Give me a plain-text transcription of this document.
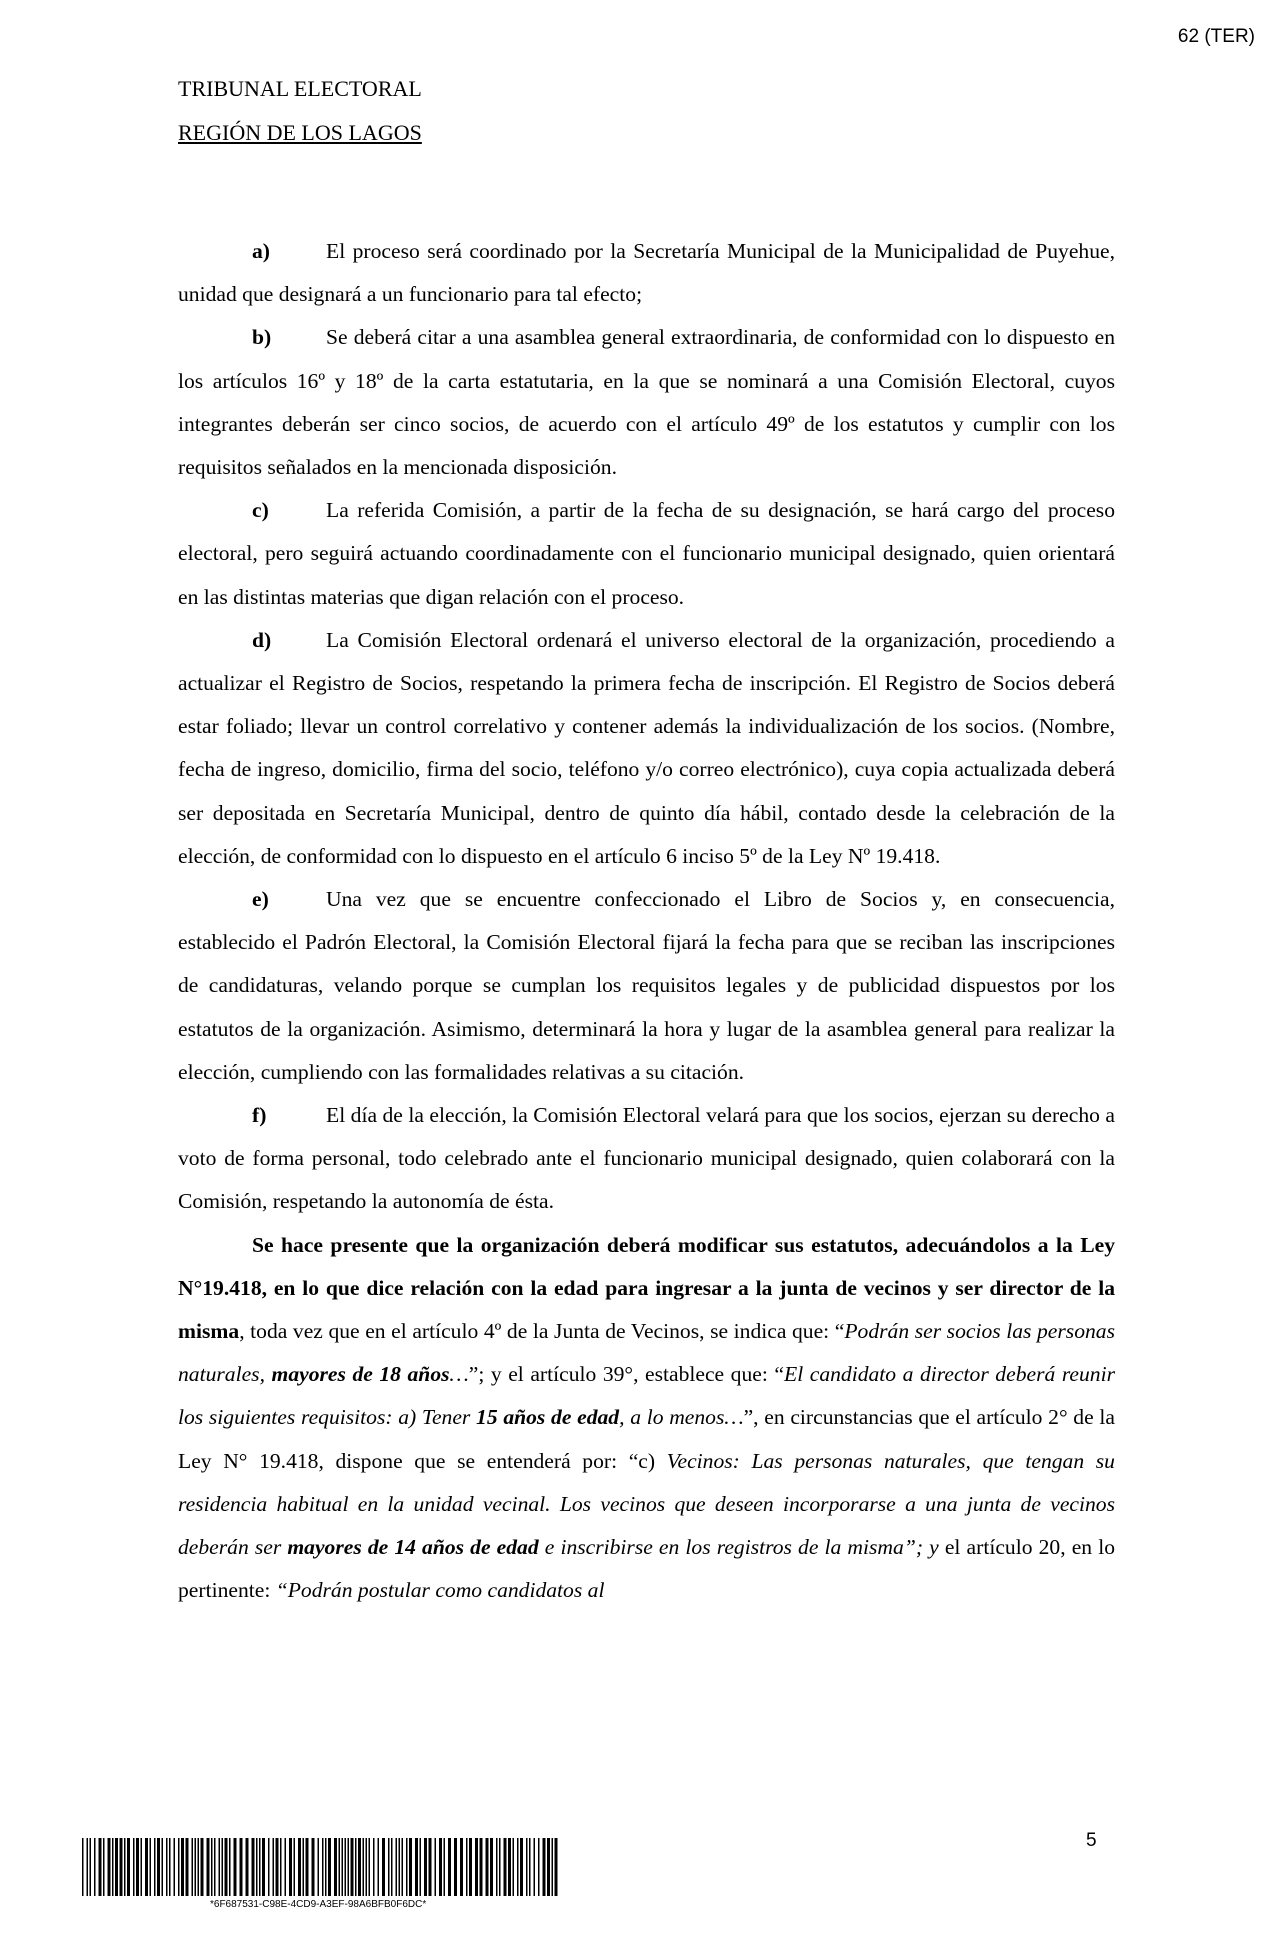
62 (TER)
TRIBUNAL ELECTORAL
REGIÓN DE LOS LAGOS

a)	El proceso será coordinado por la Secretaría Municipal de la Municipalidad de Puyehue, unidad que designará a un funcionario para tal efecto;

b)	Se deberá citar a una asamblea general extraordinaria, de conformidad con lo dispuesto en los artículos 16º y 18º de la carta estatutaria, en la que se nominará a una Comisión Electoral, cuyos integrantes deberán ser cinco socios, de acuerdo con el artículo 49º de los estatutos y cumplir con los requisitos señalados en la mencionada disposición.

c)	La referida Comisión, a partir de la fecha de su designación, se hará cargo del proceso electoral, pero seguirá actuando coordinadamente con el funcionario municipal designado, quien orientará en las distintas materias que digan relación con el proceso.

d)	La Comisión Electoral ordenará el universo electoral de la organización, procediendo a actualizar el Registro de Socios, respetando la primera fecha de inscripción. El Registro de Socios deberá estar foliado; llevar un control correlativo y contener además la individualización de los socios. (Nombre, fecha de ingreso, domicilio, firma del socio, teléfono y/o correo electrónico), cuya copia actualizada deberá ser depositada en Secretaría Municipal, dentro de quinto día hábil, contado desde la celebración de la elección, de conformidad con lo dispuesto en el artículo 6 inciso 5º de la Ley Nº 19.418.

e)	Una vez que se encuentre confeccionado el Libro de Socios y, en consecuencia, establecido el Padrón Electoral, la Comisión Electoral fijará la fecha para que se reciban las inscripciones de candidaturas, velando porque se cumplan los requisitos legales y de publicidad dispuestos por los estatutos de la organización. Asimismo, determinará la hora y lugar de la asamblea general para realizar la elección, cumpliendo con las formalidades relativas a su citación.

f)	El día de la elección, la Comisión Electoral velará para que los socios, ejerzan su derecho a voto de forma personal, todo celebrado ante el funcionario municipal designado, quien colaborará con la Comisión, respetando la autonomía de ésta.

Se hace presente que la organización deberá modificar sus estatutos, adecuándolos a la Ley N°19.418, en lo que dice relación con la edad para ingresar a la junta de vecinos y ser director de la misma, toda vez que en el artículo 4º de la Junta de Vecinos, se indica que: “Podrán ser socios las personas naturales, mayores de 18 años…”; y el artículo 39°, establece que: “El candidato a director deberá reunir los siguientes requisitos: a) Tener 15 años de edad, a lo menos…”, en circunstancias que el artículo 2° de la Ley N° 19.418, dispone que se entenderá por: “c) Vecinos: Las personas naturales, que tengan su residencia habitual en la unidad vecinal. Los vecinos que deseen incorporarse a una junta de vecinos deberán ser mayores de 14 años de edad e inscribirse en los registros de la misma”; y el artículo 20, en lo pertinente: “Podrán postular como candidatos al

5
*6F687531-C98E-4CD9-A3EF-98A6BFB0F6DC*
